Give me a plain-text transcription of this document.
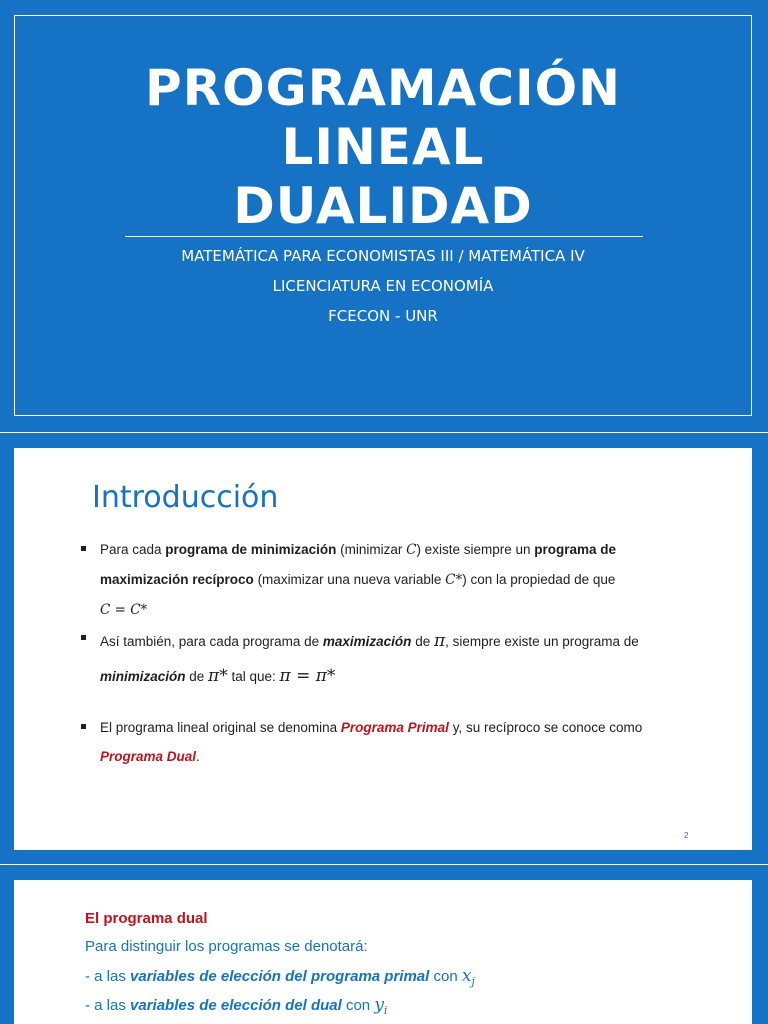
PROGRAMACIÓN
LINEAL
DUALIDAD
MATEMÁTICA PARA ECONOMISTAS III / MATEMÁTICA IV
LICENCIATURA EN ECONOMÍA
FCECON - UNR
Introducción
Para cada programa de minimización (minimizar C) existe siempre un programa de maximización recíproco (maximizar una nueva variable C*) con la propiedad de que
C = C*
Así también, para cada programa de maximización de π, siempre existe un programa de minimización de π* tal que: π = π*
El programa lineal original se denomina Programa Primal y, su recíproco se conoce como Programa Dual.
2
El programa dual
Para distinguir los programas se denotará:
- a las variables de elección del programa primal con $x_j$
- a las variables de elección del dual con $y_i$
